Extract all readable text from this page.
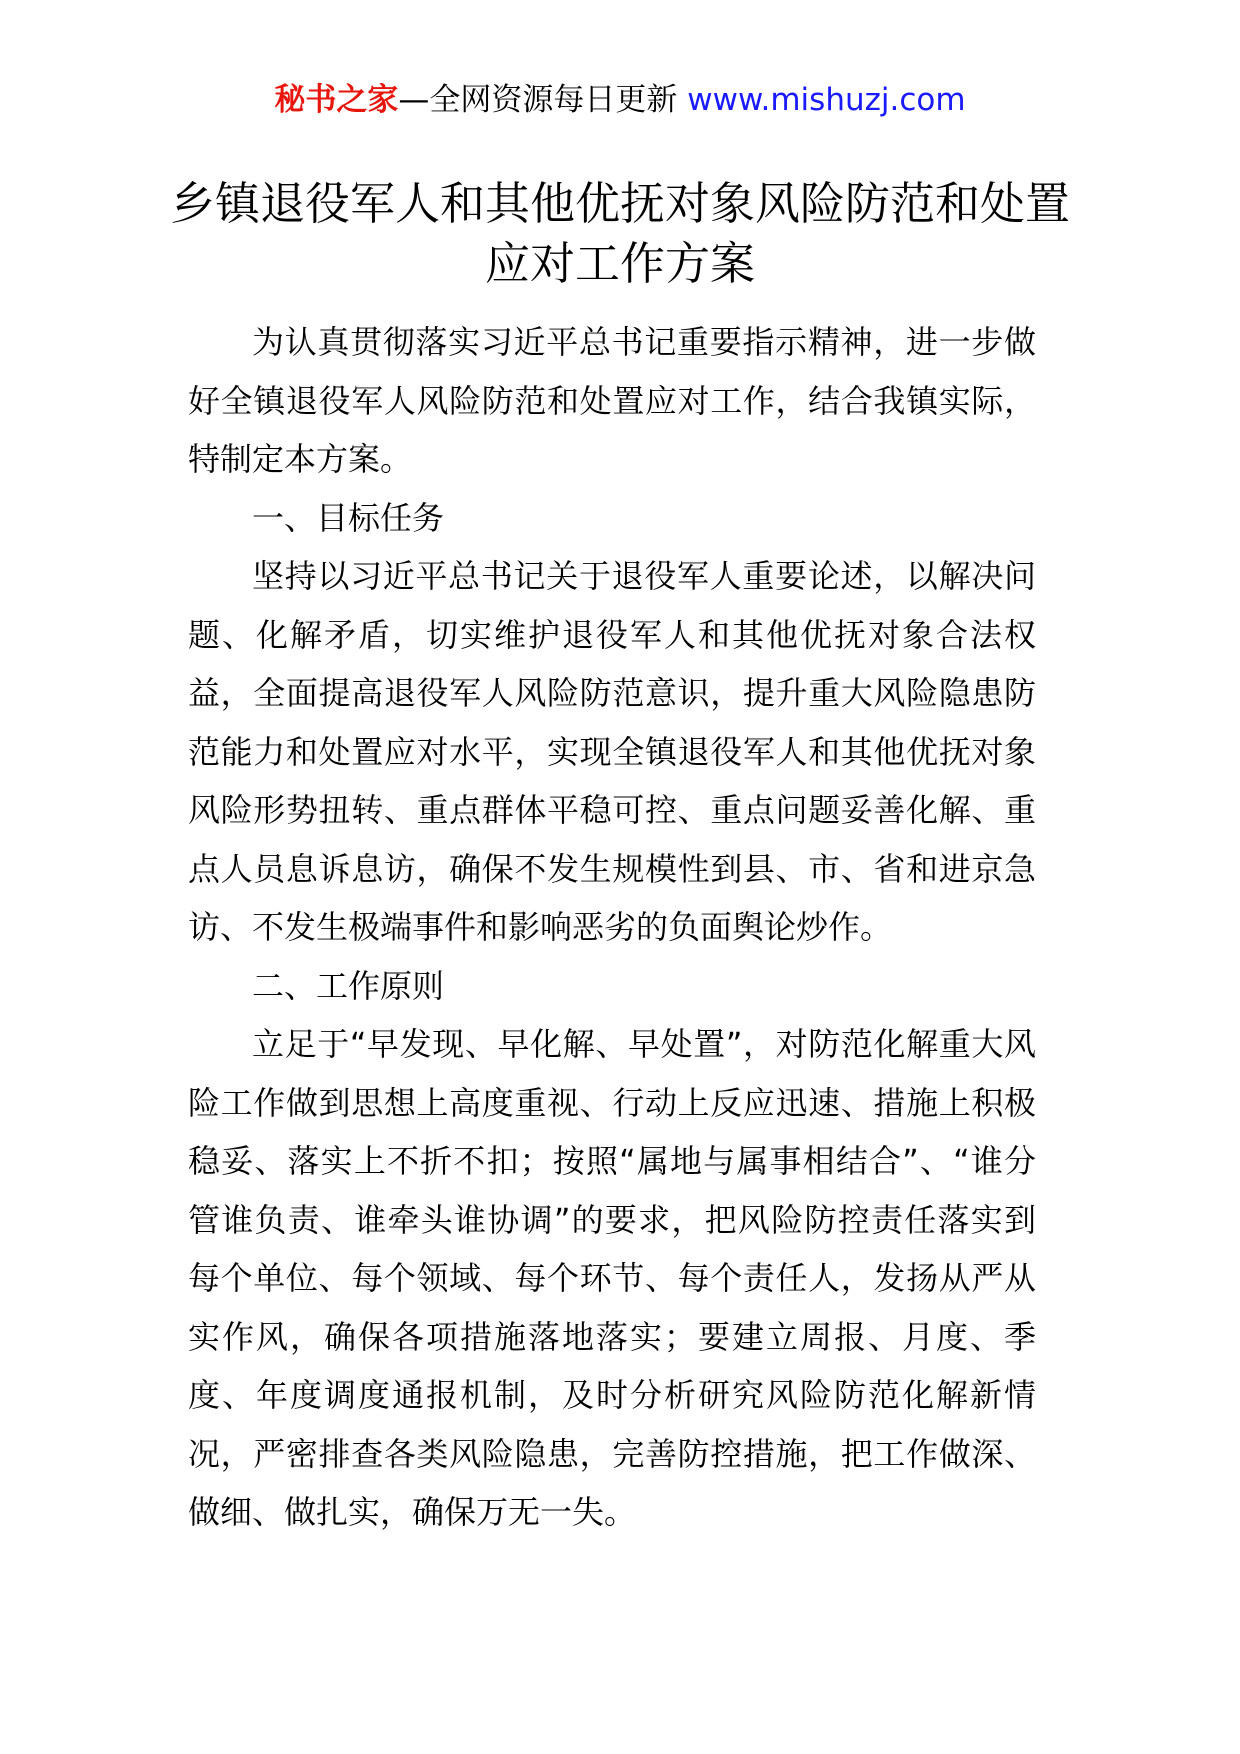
秘书之家—全网资源每日更新 www.mishuzj.com
乡镇退役军人和其他优抚对象风险防范和处置应对工作方案

为认真贯彻落实习近平总书记重要指示精神，进一步做好全镇退役军人风险防范和处置应对工作，结合我镇实际，特制定本方案。

一、目标任务

坚持以习近平总书记关于退役军人重要论述，以解决问题、化解矛盾，切实维护退役军人和其他优抚对象合法权益，全面提高退役军人风险防范意识，提升重大风险隐患防范能力和处置应对水平，实现全镇退役军人和其他优抚对象风险形势扭转、重点群体平稳可控、重点问题妥善化解、重点人员息诉息访，确保不发生规模性到县、市、省和进京急访、不发生极端事件和影响恶劣的负面舆论炒作。

二、工作原则

立足于“早发现、早化解、早处置”，对防范化解重大风险工作做到思想上高度重视、行动上反应迅速、措施上积极稳妥、落实上不折不扣；按照“属地与属事相结合”、“谁分管谁负责、谁牵头谁协调”的要求，把风险防控责任落实到每个单位、每个领域、每个环节、每个责任人，发扬从严从实作风，确保各项措施落地落实；要建立周报、月度、季度、年度调度通报机制，及时分析研究风险防范化解新情况，严密排查各类风险隐患，完善防控措施，把工作做深、做细、做扎实，确保万无一失。
